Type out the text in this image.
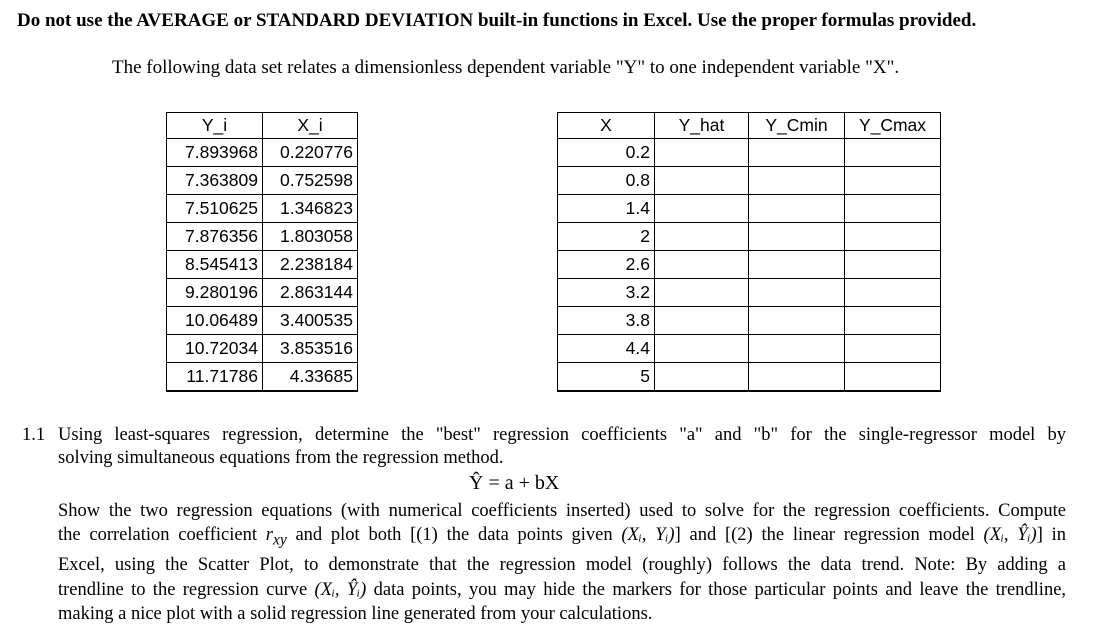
Do not use the AVERAGE or STANDARD DEVIATION built-in functions in Excel. Use the proper formulas provided.
The following data set relates a dimensionless dependent variable "Y" to one independent variable "X".
Y_i	X_i
7.893968	0.220776
7.363809	0.752598
7.510625	1.346823
7.876356	1.803058
8.545413	2.238184
9.280196	2.863144
10.06489	3.400535
10.72034	3.853516
11.71786	4.33685
X	Y_hat	Y_Cmin	Y_Cmax
0.2			
0.8			
1.4			
2			
2.6			
3.2			
3.8			
4.4			
5			
1.1 Using least-squares regression, determine the "best" regression coefficients "a" and "b" for the single-regressor model by
solving simultaneous equations from the regression method.
Ŷ = a + bX
Show the two regression equations (with numerical coefficients inserted) used to solve for the regression coefficients. Compute
the correlation coefficient $r_{xy}$ and plot both [(1) the data points given (Xᵢ, Yᵢ)] and [(2) the linear regression model (Xᵢ, Ŷᵢ)] in
Excel, using the Scatter Plot, to demonstrate that the regression model (roughly) follows the data trend. Note: By adding a
trendline to the regression curve (Xᵢ, Ŷᵢ) data points, you may hide the markers for those particular points and leave the trendline,
making a nice plot with a solid regression line generated from your calculations.
